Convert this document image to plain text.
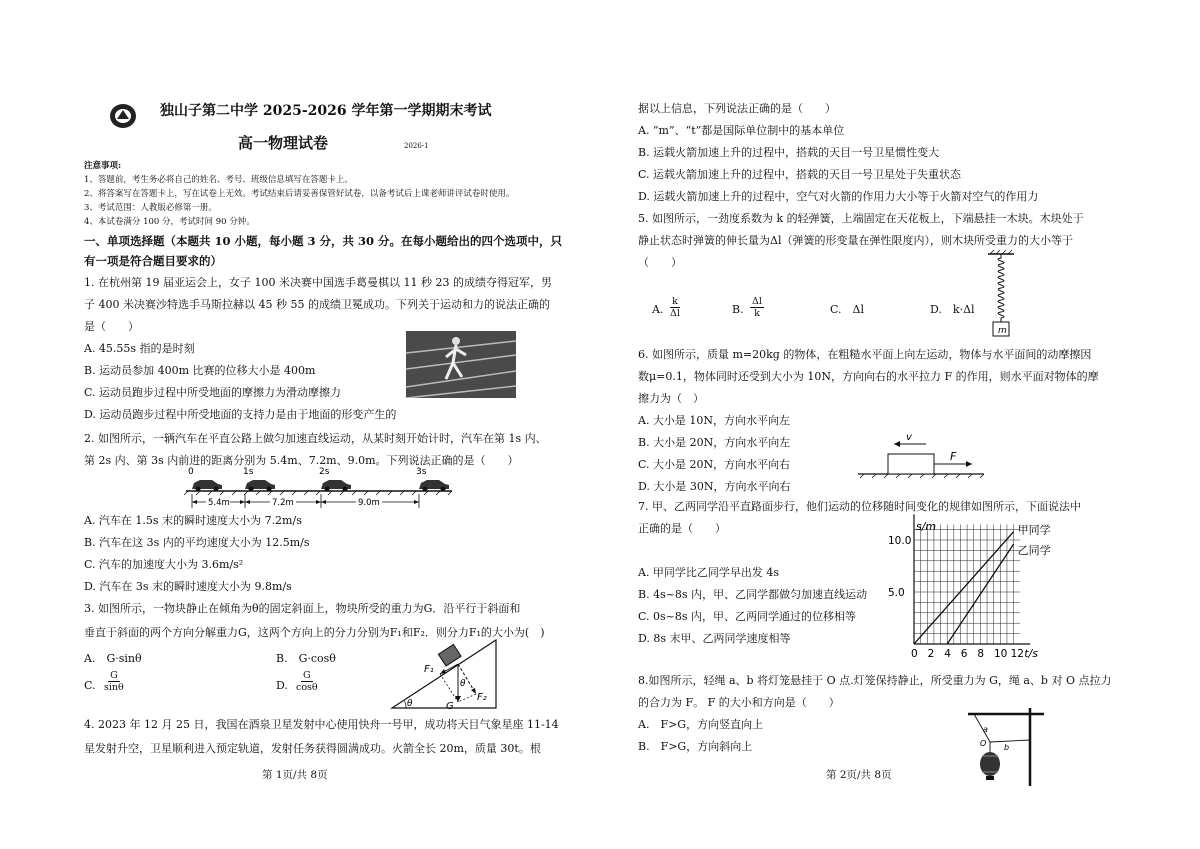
独山子第二中学 2025-2026 学年第一学期期末考试
高一物理试卷	2026-1
注意事项:
1、答题前，考生务必将自己的姓名、考号、班级信息填写在答题卡上。
2、将答案写在答题卡上，写在试卷上无效。考试结束后请妥善保管好试卷，以备考试后上课老师讲评试卷时使用。
3、考试范围：人教版必修第一册。
4、本试卷满分 100 分，考试时间 90 分钟。
一、单项选择题（本题共 10 小题，每小题 3 分，共 30 分。在每小题给出的四个选项中，只
有一项是符合题目要求的）
1. 在杭州第 19 届亚运会上，女子 100 米决赛中国选手葛曼棋以 11 秒 23 的成绩夺得冠军，男
子 400 米决赛沙特选手马斯拉赫以 45 秒 55 的成绩卫冕成功。下列关于运动和力的说法正确的
是（　　）
A. 45.55s 指的是时刻
B. 运动员参加 400m 比赛的位移大小是 400m
C. 运动员跑步过程中所受地面的摩擦力为滑动摩擦力
D. 运动员跑步过程中所受地面的支持力是由于地面的形变产生的
2. 如图所示，一辆汽车在平直公路上做匀加速直线运动，从某时刻开始计时，汽车在第 1s 内、
第 2s 内、第 3s 内前进的距离分别为 5.4m、7.2m、9.0m。下列说法正确的是（　　）
0	1s	2s	3s
5.4m	7.2m	9.0m
A. 汽车在 1.5s 末的瞬时速度大小为 7.2m/s
B. 汽车在这 3s 内的平均速度大小为 12.5m/s
C. 汽车的加速度大小为 3.6m/s²
D. 汽车在 3s 末的瞬时速度大小为 9.8m/s
3. 如图所示，一物块静止在倾角为θ的固定斜面上，物块所受的重力为G．沿平行于斜面和
垂直于斜面的两个方向分解重力G，这两个方向上的分力分别为F₁和F₂．则分力F₁的大小为(　)
A.　G·sinθ	B.　G·cosθ
C. $\frac{G}{\sin\theta}$	D. $\frac{G}{\cos\theta}$
θ
F₁
F₂
G
θ
4. 2023 年 12 月 25 日，我国在酒泉卫星发射中心使用快舟一号甲，成功将天目气象星座 11-14
星发射升空，卫星顺利进入预定轨道，发射任务获得圆满成功。火箭全长 20m，质量 30t。根
第 1页/共 8页
据以上信息，下列说法正确的是（　　）
A. “m”、“t”都是国际单位制中的基本单位
B. 运载火箭加速上升的过程中，搭载的天目一号卫星惯性变大
C. 运载火箭加速上升的过程中，搭载的天目一号卫星处于失重状态
D. 运载火箭加速上升的过程中，空气对火箭的作用力大小等于火箭对空气的作用力
5. 如图所示，一劲度系数为 k 的轻弹簧，上端固定在天花板上，下端悬挂一木块。木块处于
静止状态时弹簧的伸长量为Δl（弹簧的形变量在弹性限度内），则木块所受重力的大小等于
（　　）
A. $\frac{k}{\Delta l}$	B. $\frac{\Delta l}{k}$	C.　Δl	D.　k·Δl
m
6. 如图所示，质量 m=20kg 的物体，在粗糙水平面上向左运动，物体与水平面间的动摩擦因
数μ=0.1，物体同时还受到大小为 10N，方向向右的水平拉力 F 的作用，则水平面对物体的摩
擦力为（　）
A. 大小是 10N，方向水平向左
B. 大小是 20N，方向水平向左
C. 大小是 20N，方向水平向右
D. 大小是 30N，方向水平向右
v
F
7. 甲、乙两同学沿平直路面步行，他们运动的位移随时间变化的规律如图所示，下面说法中
正确的是（　　）
A. 甲同学比乙同学早出发 4s
B. 4s~8s 内，甲、乙同学都做匀加速直线运动
C. 0s~8s 内，甲、乙两同学通过的位移相等
D. 8s 末甲、乙两同学速度相等
s/m
t/s
10.0
5.0
0 2 4 6 8 10 12
甲同学
乙同学
8.如图所示，轻绳 a、b 将灯笼悬挂于 O 点.灯笼保持静止，所受重力为 G，绳 a、b 对 O 点拉力
的合力为 F。 F 的大小和方向是（　　）
A.　F>G，方向竖直向上
B.　F>G，方向斜向上
a
b
O
第 2页/共 8页
